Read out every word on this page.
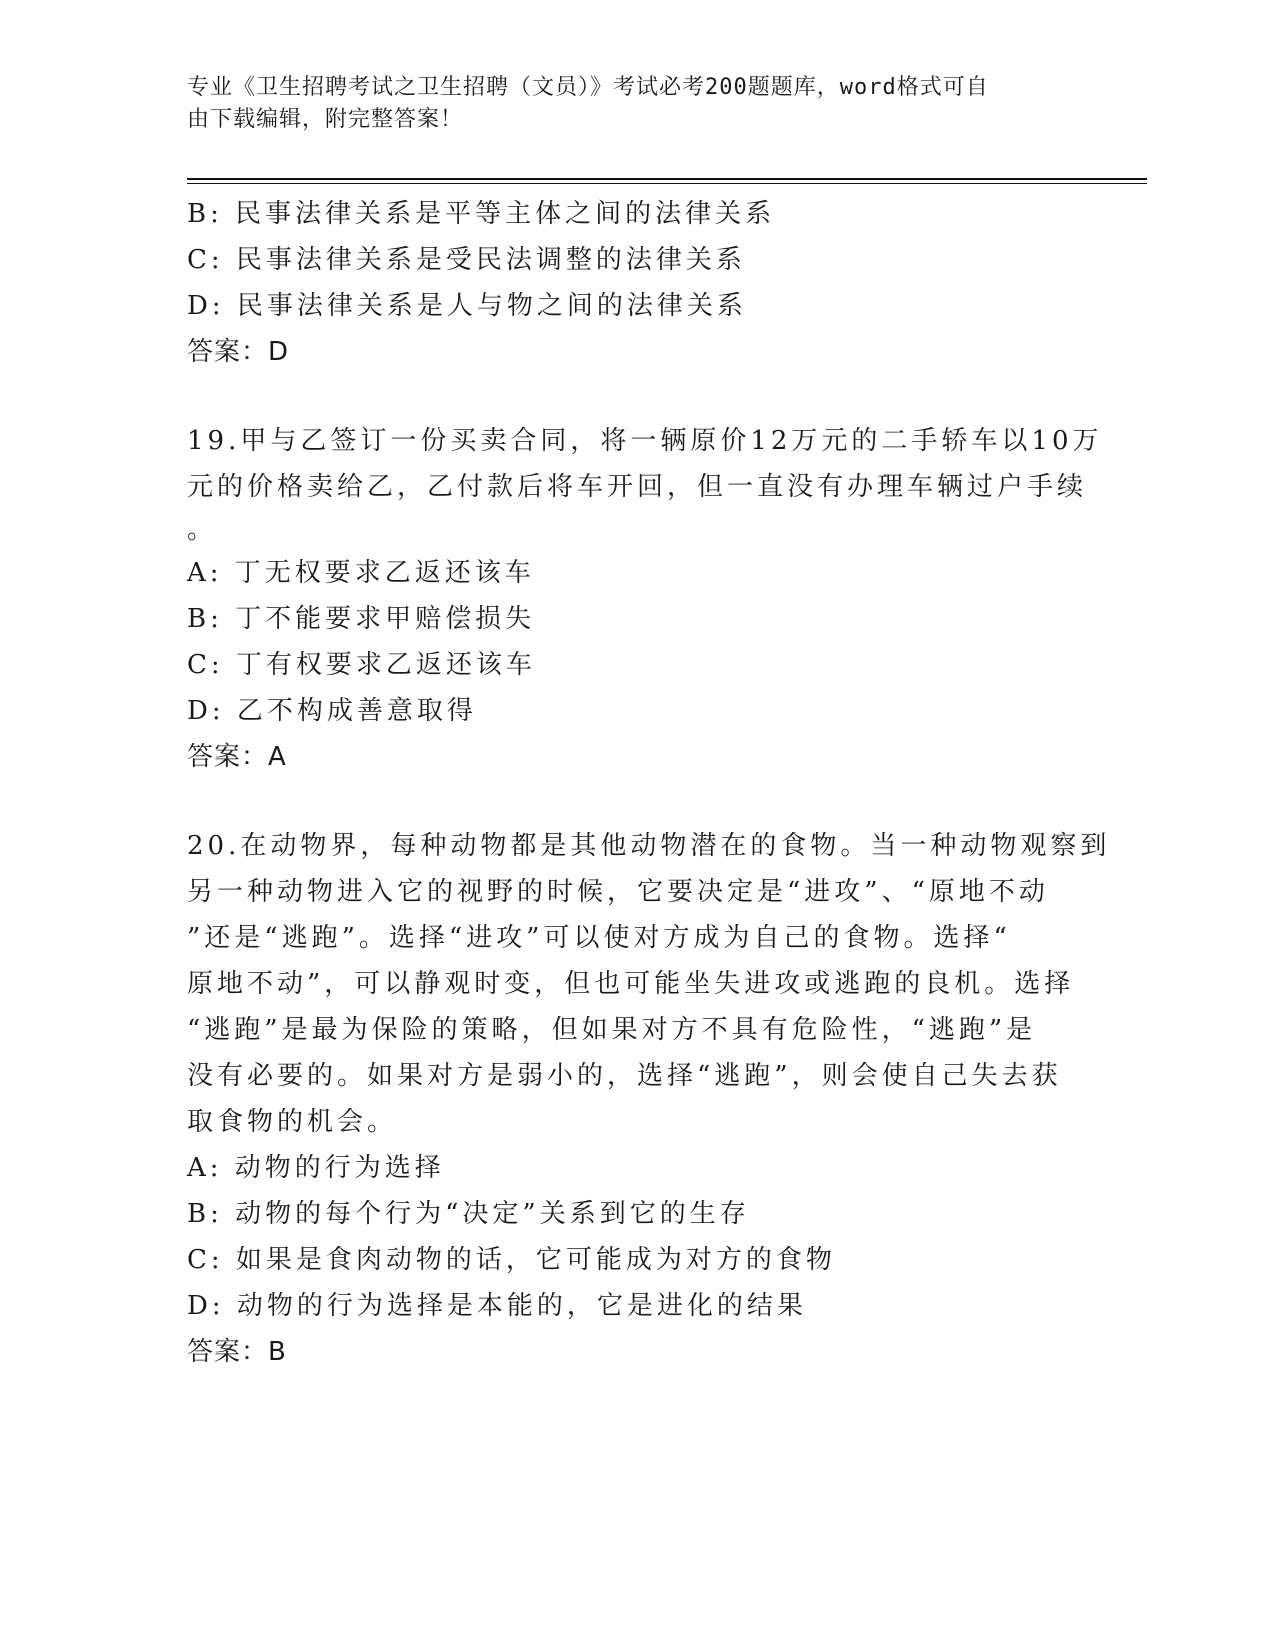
专业《卫生招聘考试之卫生招聘（文员）》考试必考200题题库，word格式可自
由下载编辑，附完整答案！
B: 民事法律关系是平等主体之间的法律关系
C: 民事法律关系是受民法调整的法律关系
D: 民事法律关系是人与物之间的法律关系
答案：D
19.甲与乙签订一份买卖合同，将一辆原价12万元的二手轿车以10万
元的价格卖给乙，乙付款后将车开回，但一直没有办理车辆过户手续
。
A: 丁无权要求乙返还该车
B: 丁不能要求甲赔偿损失
C: 丁有权要求乙返还该车
D: 乙不构成善意取得
答案：A
20.在动物界，每种动物都是其他动物潜在的食物。当一种动物观察到
另一种动物进入它的视野的时候，它要决定是“进攻”、“原地不动
”还是“逃跑”。选择“进攻”可以使对方成为自己的食物。选择“
原地不动”，可以静观时变，但也可能坐失进攻或逃跑的良机。选择
“逃跑”是最为保险的策略，但如果对方不具有危险性，“逃跑”是
没有必要的。如果对方是弱小的，选择“逃跑”，则会使自己失去获
取食物的机会。
A: 动物的行为选择
B: 动物的每个行为“决定”关系到它的生存
C: 如果是食肉动物的话，它可能成为对方的食物
D: 动物的行为选择是本能的，它是进化的结果
答案：B
